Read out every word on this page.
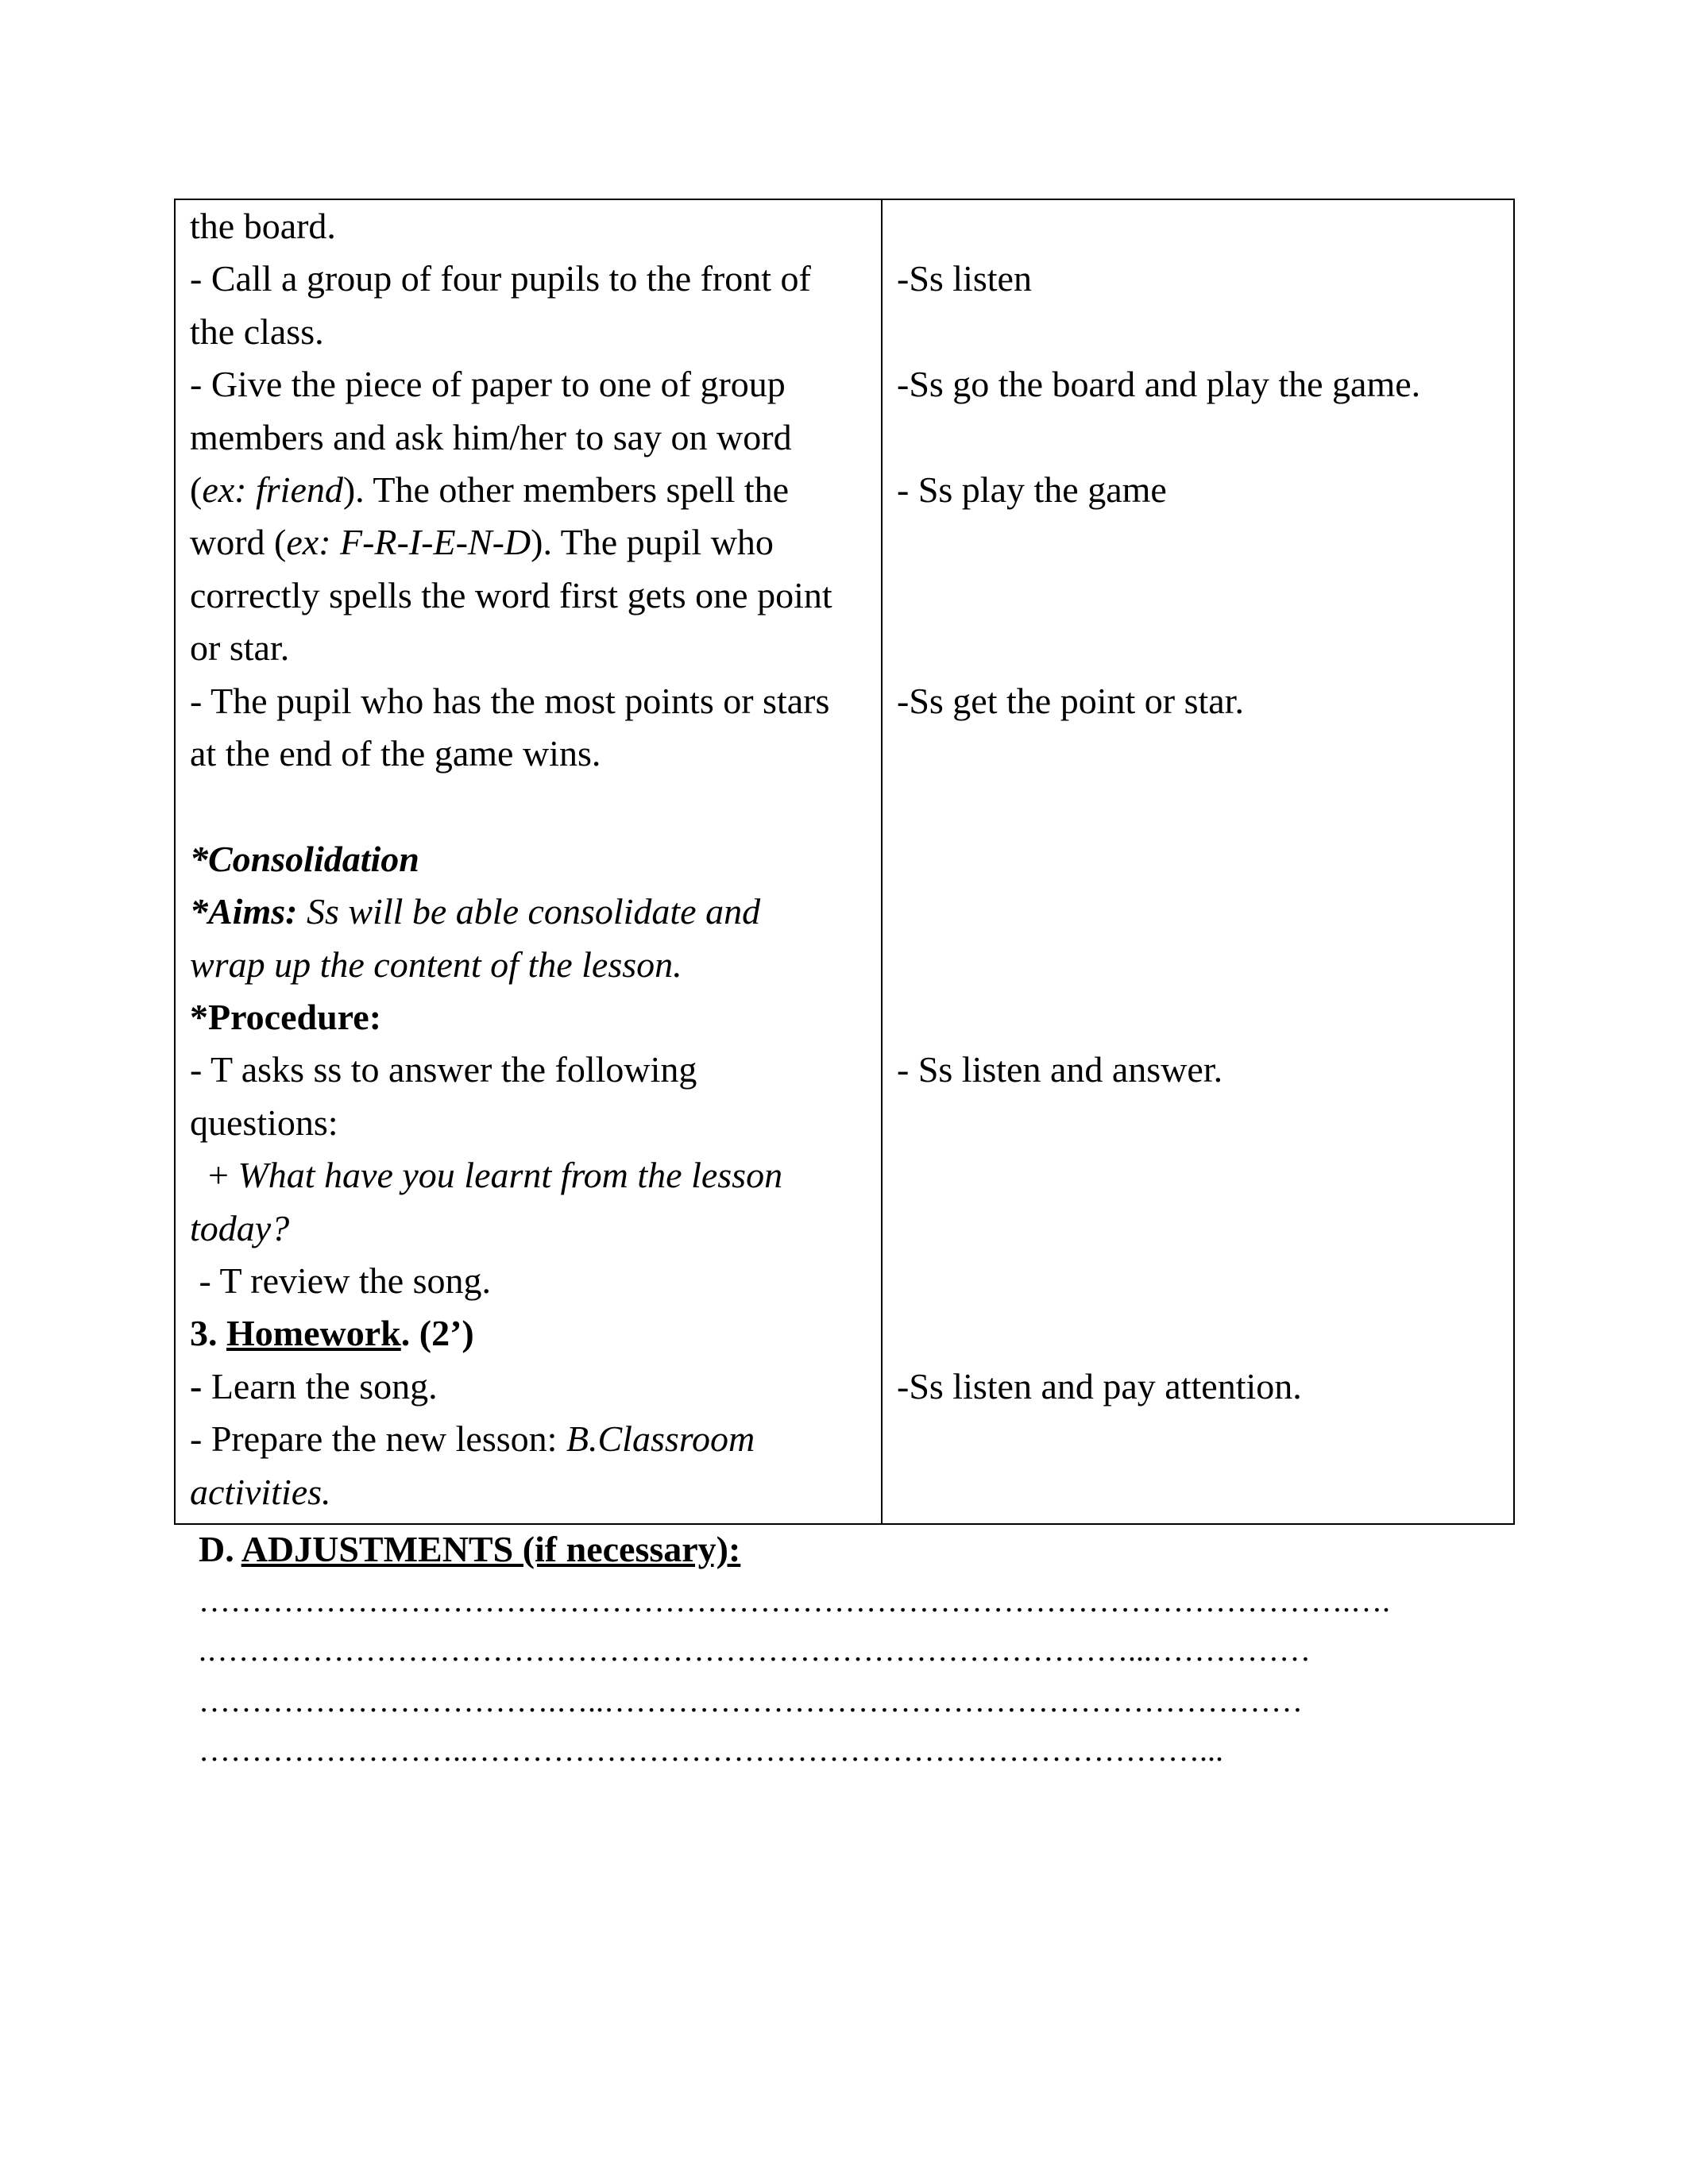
the board.
- Call a group of four pupils to the front of
the class.
- Give the piece of paper to one of group
members and ask him/her to say on word
(ex: friend). The other members spell the
word (ex: F-R-I-E-N-D). The pupil who
correctly spells the word first gets one point
or star.
- The pupil who has the most points or stars
at the end of the game wins.
*Consolidation
*Aims: Ss will be able consolidate and
wrap up the content of the lesson.
*Procedure:
- T asks ss to answer the following
questions:
+ What have you learnt from the lesson
today?
- T review the song.
3. Homework. (2’)
- Learn the song.
- Prepare the new lesson: B.Classroom
activities.
-Ss listen
-Ss go the board and play the game.
- Ss play the game
-Ss get the point or star.
- Ss listen and answer.
-Ss listen and pay attention.
D. ADJUSTMENTS (if necessary):
……………………………………………………………………………………………….….
.……………………………………………………………………………...……………
…………………………….…..…………………………………………………………
……………………..……………………………………………………………...
